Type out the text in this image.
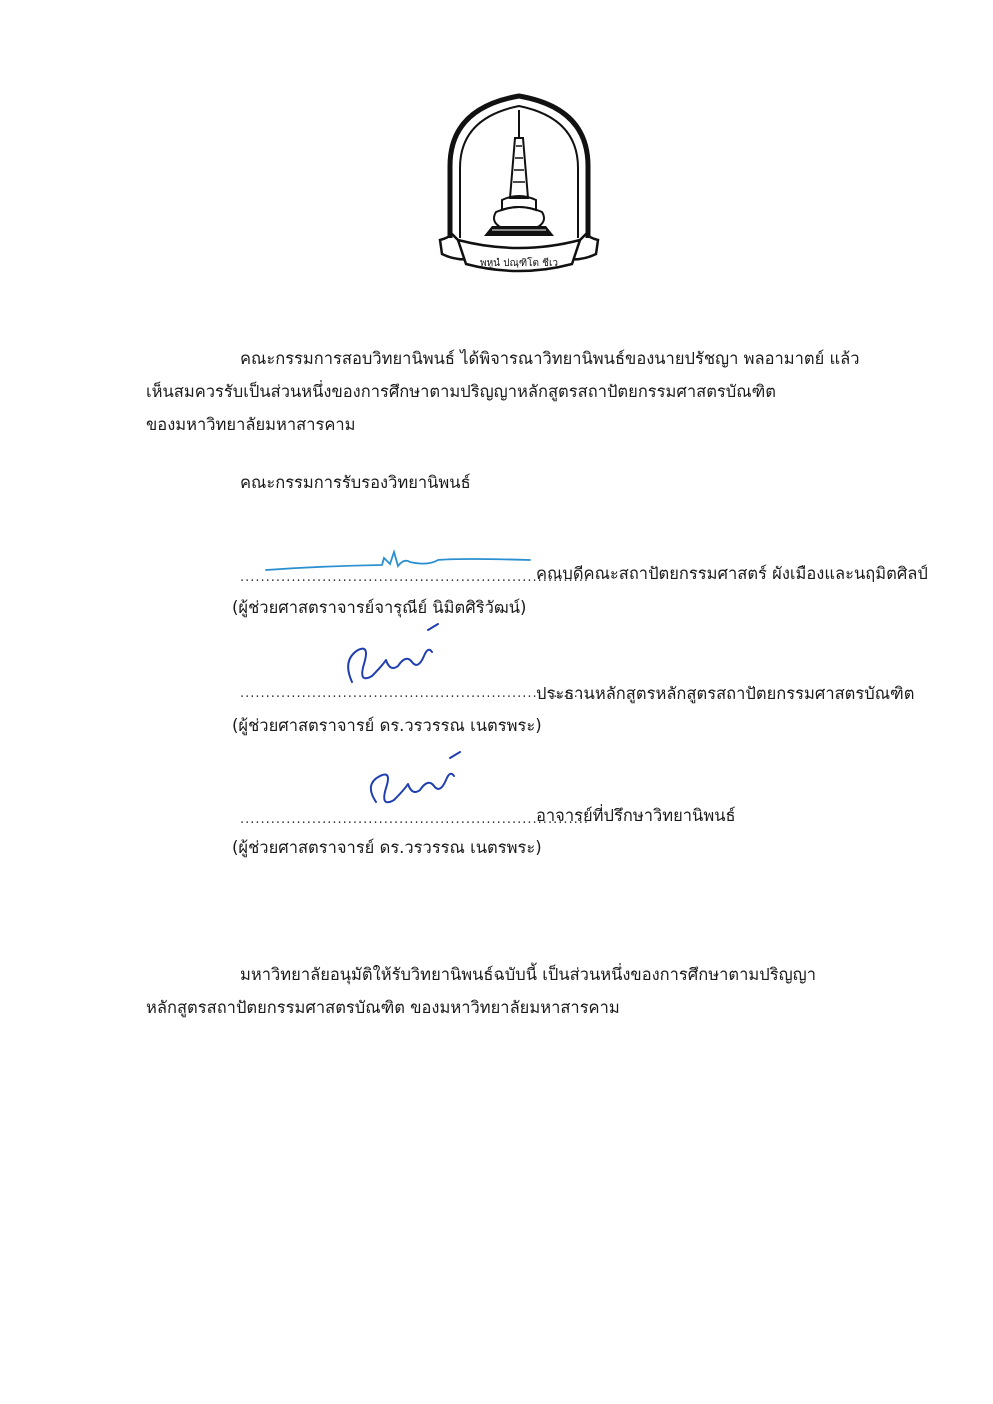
พหูนํ ปณฺฑิโต ชีเว
คณะกรรมการสอบวิทยานิพนธ์ ได้พิจารณาวิทยานิพนธ์ของนายปรัชญา พลอามาตย์ แล้ว
เห็นสมควรรับเป็นส่วนหนึ่งของการศึกษาตามปริญญาหลักสูตรสถาปัตยกรรมศาสตรบัณฑิต
ของมหาวิทยาลัยมหาสารคาม
คณะกรรมการรับรองวิทยานิพนธ์
....................................................................
คณบดีคณะสถาปัตยกรรมศาสตร์ ผังเมืองและนฤมิตศิลป์
(ผู้ช่วยศาสตราจารย์จารุณีย์ นิมิตศิริวัฒน์)
....................................................................
ประธานหลักสูตรหลักสูตรสถาปัตยกรรมศาสตรบัณฑิต
(ผู้ช่วยศาสตราจารย์ ดร.วรวรรณ เนตรพระ)
....................................................................
อาจารย์ที่ปรึกษาวิทยานิพนธ์
(ผู้ช่วยศาสตราจารย์ ดร.วรวรรณ เนตรพระ)
มหาวิทยาลัยอนุมัติให้รับวิทยานิพนธ์ฉบับนี้ เป็นส่วนหนึ่งของการศึกษาตามปริญญา
หลักสูตรสถาปัตยกรรมศาสตรบัณฑิต ของมหาวิทยาลัยมหาสารคาม
